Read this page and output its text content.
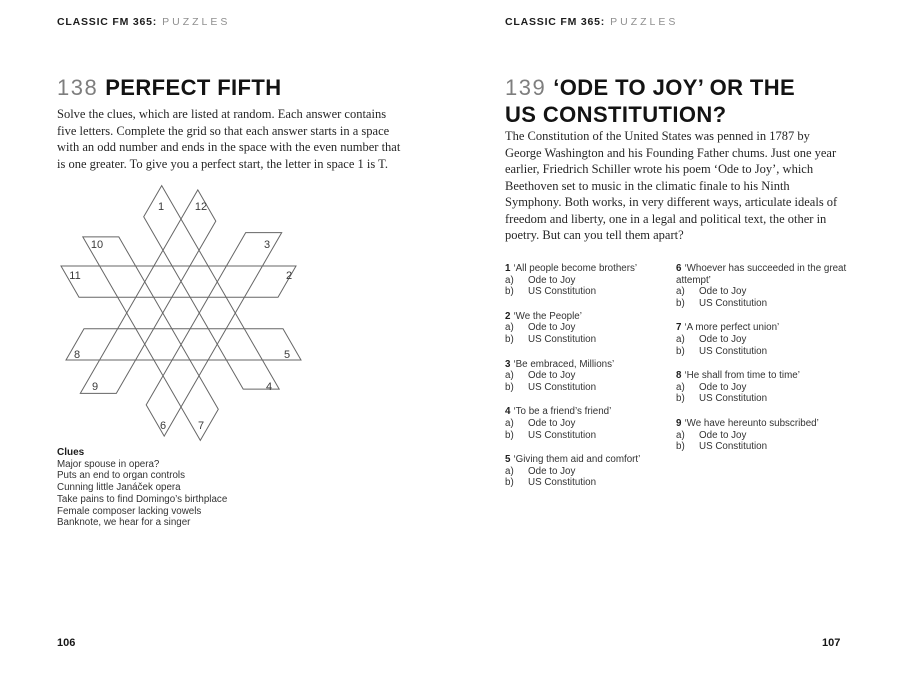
CLASSIC FM 365: PUZZLES
138 PERFECT FIFTH
Solve the clues, which are listed at random. Each answer contains five letters. Complete the grid so that each answer starts in a space with an odd number and ends in the space with the even number that is one greater. To give you a perfect start, the letter in space 1 is T.
1	12
10	3
11	2
8	5
9	4
6	7
Clues
Major spouse in opera?
Puts an end to organ controls
Cunning little Janáček opera
Take pains to find Domingo’s birthplace
Female composer lacking vowels
Banknote, we hear for a singer
106
CLASSIC FM 365: PUZZLES
139 ‘ODE TO JOY’ OR THE
US CONSTITUTION?
The Constitution of the United States was penned in 1787 by George Washington and his Founding Father chums. Just one year earlier, Friedrich Schiller wrote his poem ‘Ode to Joy’, which Beethoven set to music in the climatic finale to his Ninth Symphony. Both works, in very different ways, articulate ideals of freedom and liberty, one in a legal and political text, the other in poetry. But can you tell them apart?
1 ‘All people become brothers’
a)	Ode to Joy
b)	US Constitution
2 ‘We the People’
a)	Ode to Joy
b)	US Constitution
3 ‘Be embraced, Millions’
a)	Ode to Joy
b)	US Constitution
4 ‘To be a friend’s friend’
a)	Ode to Joy
b)	US Constitution
5 ‘Giving them aid and comfort’
a)	Ode to Joy
b)	US Constitution
6 ‘Whoever has succeeded in the great attempt’
a)	Ode to Joy
b)	US Constitution
7 ‘A more perfect union’
a)	Ode to Joy
b)	US Constitution
8 ‘He shall from time to time’
a)	Ode to Joy
b)	US Constitution
9 ‘We have hereunto subscribed’
a)	Ode to Joy
b)	US Constitution
107
